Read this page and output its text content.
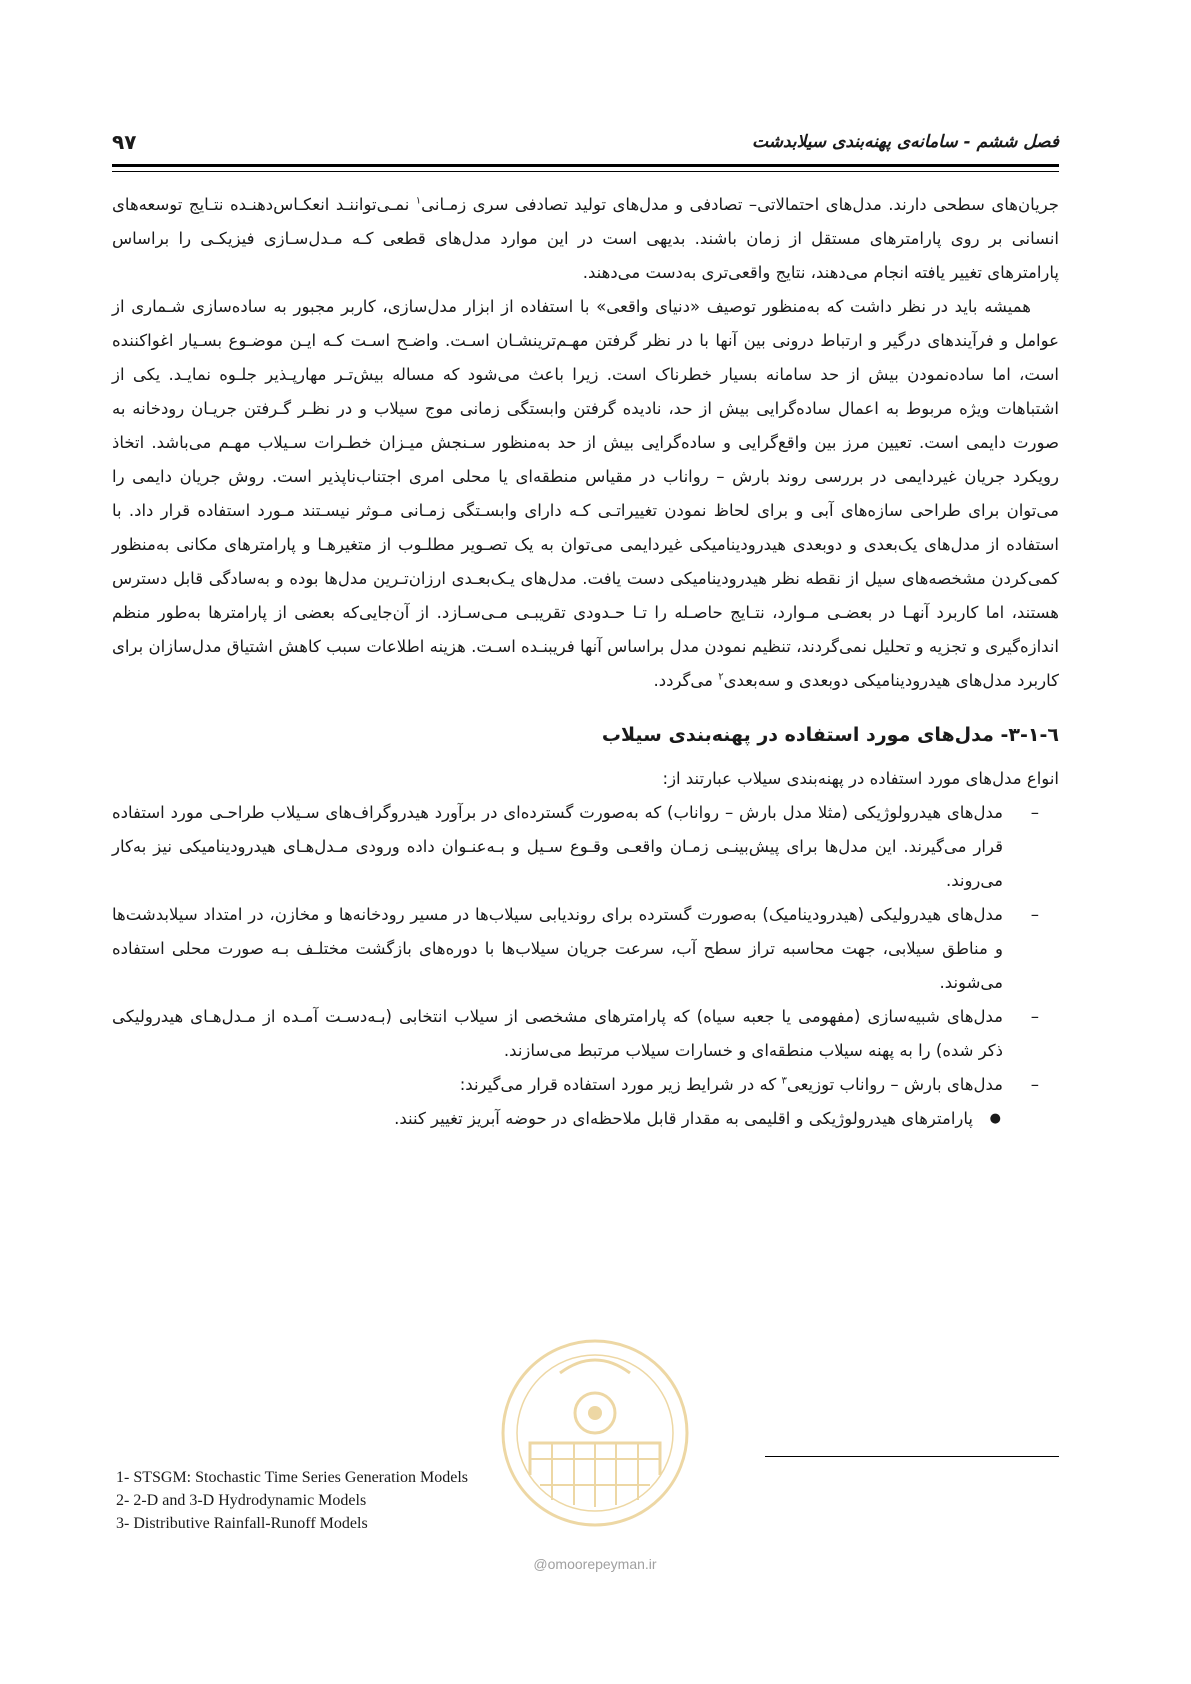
فصل ششم - سامانه‌ی پهنه‌بندی سیلابدشت
۹۷

جریان‌های سطحی دارند. مدل‌های احتمالاتی– تصادفی و مدل‌های تولید تصادفی سری زمـانی$^۱$ نمـی‌تواننـد انعکـاس‌دهنـده نتـایج توسعه‌های انسانی بر روی پارامترهای مستقل از زمان باشند. بدیهی است در این موارد مدل‌های قطعی کـه مـدل‌سـازی فیزیکـی را براساس پارامترهای تغییر یافته انجام می‌دهند، نتایج واقعی‌تری به‌دست می‌دهند.

همیشه باید در نظر داشت که به‌منظور توصیف «دنیای واقعی» با استفاده از ابزار مدل‌سازی، کاربر مجبور به ساده‌سازی شـماری از عوامل و فرآیندهای درگیر و ارتباط درونی بین آنها با در نظر گرفتن مهـم‌ترینشـان اسـت. واضـح اسـت کـه ایـن موضـوع بسـیار اغواکننده است، اما ساده‌نمودن بیش از حد سامانه بسیار خطرناک است. زیرا باعث می‌شود که مساله بیش‌تـر مهارپـذیر جلـوه نمایـد. یکی از اشتباهات ویژه مربوط به اعمال ساده‌گرایی بیش از حد، نادیده گرفتن وابستگی زمانی موج سیلاب و در نظـر گـرفتن جریـان رودخانه به صورت دایمی است. تعیین مرز بین واقع‌گرایی و ساده‌گرایی بیش از حد به‌منظور سـنجش میـزان خطـرات سـیلاب مهـم می‌باشد. اتخاذ رویکرد جریان غیردایمی در بررسی روند بارش – رواناب در مقیاس منطقه‌ای یا محلی امری اجتناب‌ناپذیر است. روش جریان دایمی را می‌توان برای طراحی سازه‌های آبی و برای لحاظ نمودن تغییراتـی کـه دارای وابسـتگی زمـانی مـوثر نیسـتند مـورد استفاده قرار داد. با استفاده از مدل‌های یک‌بعدی و دوبعدی هیدرودینامیکی غیردایمی می‌توان به یک تصـویر مطلـوب از متغیرهـا و پارامترهای مکانی به‌منظور کمی‌کردن مشخصه‌های سیل از نقطه نظر هیدرودینامیکی دست یافت. مدل‌های یـک‌بعـدی ارزان‌تـرین مدل‌ها بوده و به‌سادگی قابل دسترس هستند، اما کاربرد آنهـا در بعضـی مـوارد، نتـایج حاصـله را تـا حـدودی تقریبـی مـی‌سـازد. از آن‌جایی‌که بعضی از پارامترها به‌طور منظم اندازه‌گیری و تجزیه و تحلیل نمی‌گردند، تنظیم نمودن مدل براساس آنها فریبنـده اسـت. هزینه اطلاعات سبب کاهش اشتیاق مدل‌سازان برای کاربرد مدل‌های هیدرودینامیکی دوبعدی و سه‌بعدی$^۲$ می‌گردد.

٦-۳-۱- مدل‌های مورد استفاده در پهنه‌بندی سیلاب

انواع مدل‌های مورد استفاده در پهنه‌بندی سیلاب عبارتند از:

–
مدل‌های هیدرولوژیکی (مثلا مدل بارش – رواناب) که به‌صورت گسترده‌ای در برآورد هیدروگراف‌های سـیلاب طراحـی مورد استفاده قرار می‌گیرند. این مدل‌ها برای پیش‌بینـی زمـان واقعـی وقـوع سـیل و بـه‌عنـوان داده ورودی مـدل‌هـای هیدرودینامیکی نیز به‌کار می‌روند.
–
مدل‌های هیدرولیکی (هیدرودینامیک) به‌صورت گسترده برای روندیابی سیلاب‌ها در مسیر رودخانه‌ها و مخازن، در امتداد سیلابدشت‌ها و مناطق سیلابی، جهت محاسبه تراز سطح آب، سرعت جریان سیلاب‌ها با دوره‌های بازگشت مختلـف بـه صورت محلی استفاده می‌شوند.
–
مدل‌های شبیه‌سازی (مفهومی یا جعبه سیاه) که پارامترهای مشخصی از سیلاب انتخابی (بـه‌دسـت آمـده از مـدل‌هـای هیدرولیکی ذکر شده) را به پهنه سیلاب منطقه‌ای و خسارات سیلاب مرتبط می‌سازند.
–
مدل‌های بارش – رواناب توزیعی$^۳$ که در شرایط زیر مورد استفاده قرار می‌گیرند:
●
پارامترهای هیدرولوژیکی و اقلیمی به مقدار قابل ملاحظه‌ای در حوضه آبریز تغییر کنند.
@omoorepeyman.ir

1- STSGM: Stochastic Time Series Generation Models

2- 2-D and 3-D Hydrodynamic Models

3- Distributive Rainfall-Runoff Models
